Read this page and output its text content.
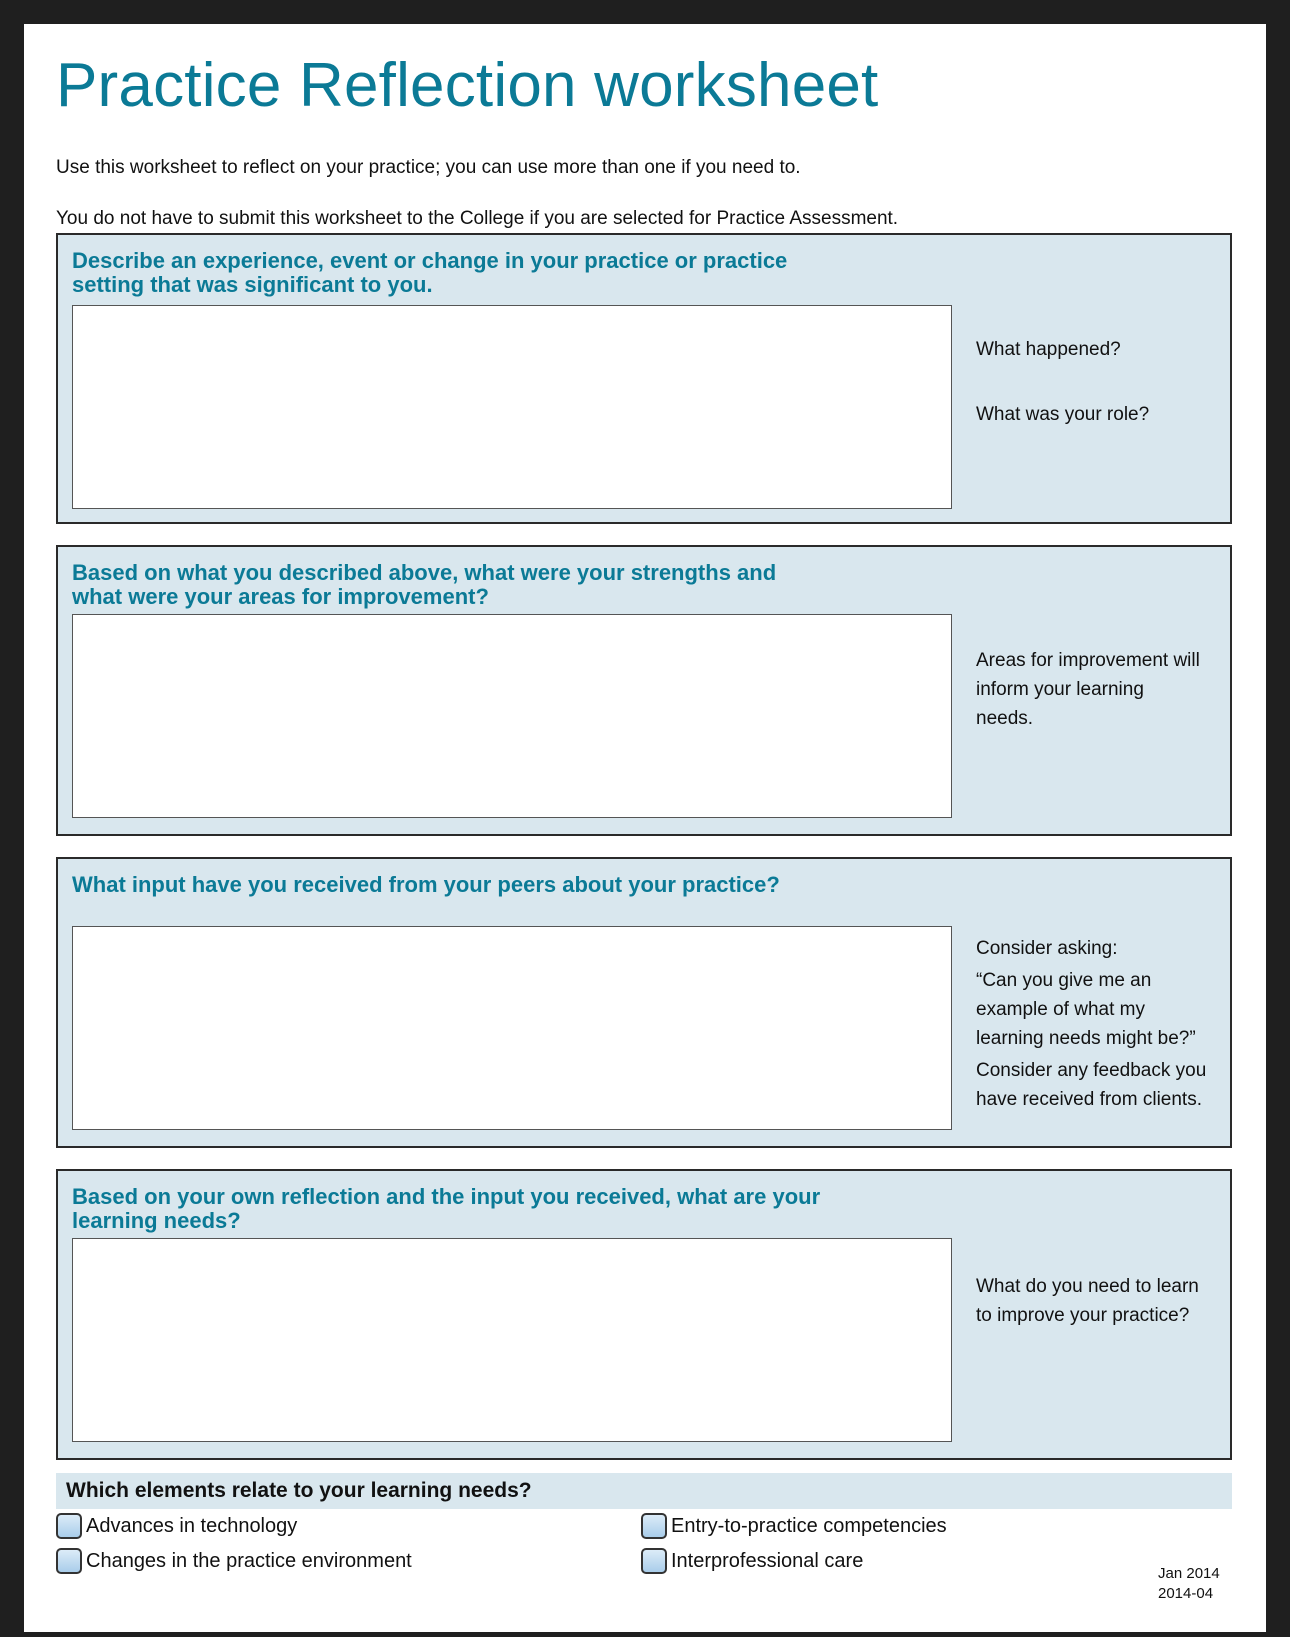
Practice Reflection worksheet
Use this worksheet to reflect on your practice; you can use more than one if you need to.
You do not have to submit this worksheet to the College if you are selected for Practice Assessment.
Describe an experience, event or change in your practice or practice setting that was significant to you.

What happened?

What was your role?

Based on what you described above, what were your strengths and what were your areas for improvement?

Areas for improvement will inform your learning needs.

What input have you received from your peers about your practice?

Consider asking:

“Can you give me an example of what my learning needs might be?”

Consider any feedback you have received from clients.

Based on your own reflection and the input you received, what are your learning needs?

What do you need to learn to improve your practice?

Which elements relate to your learning needs?
Advances in technology
Changes in the practice environment
Entry-to-practice competencies
Interprofessional care
Jan 2014
2014-04
